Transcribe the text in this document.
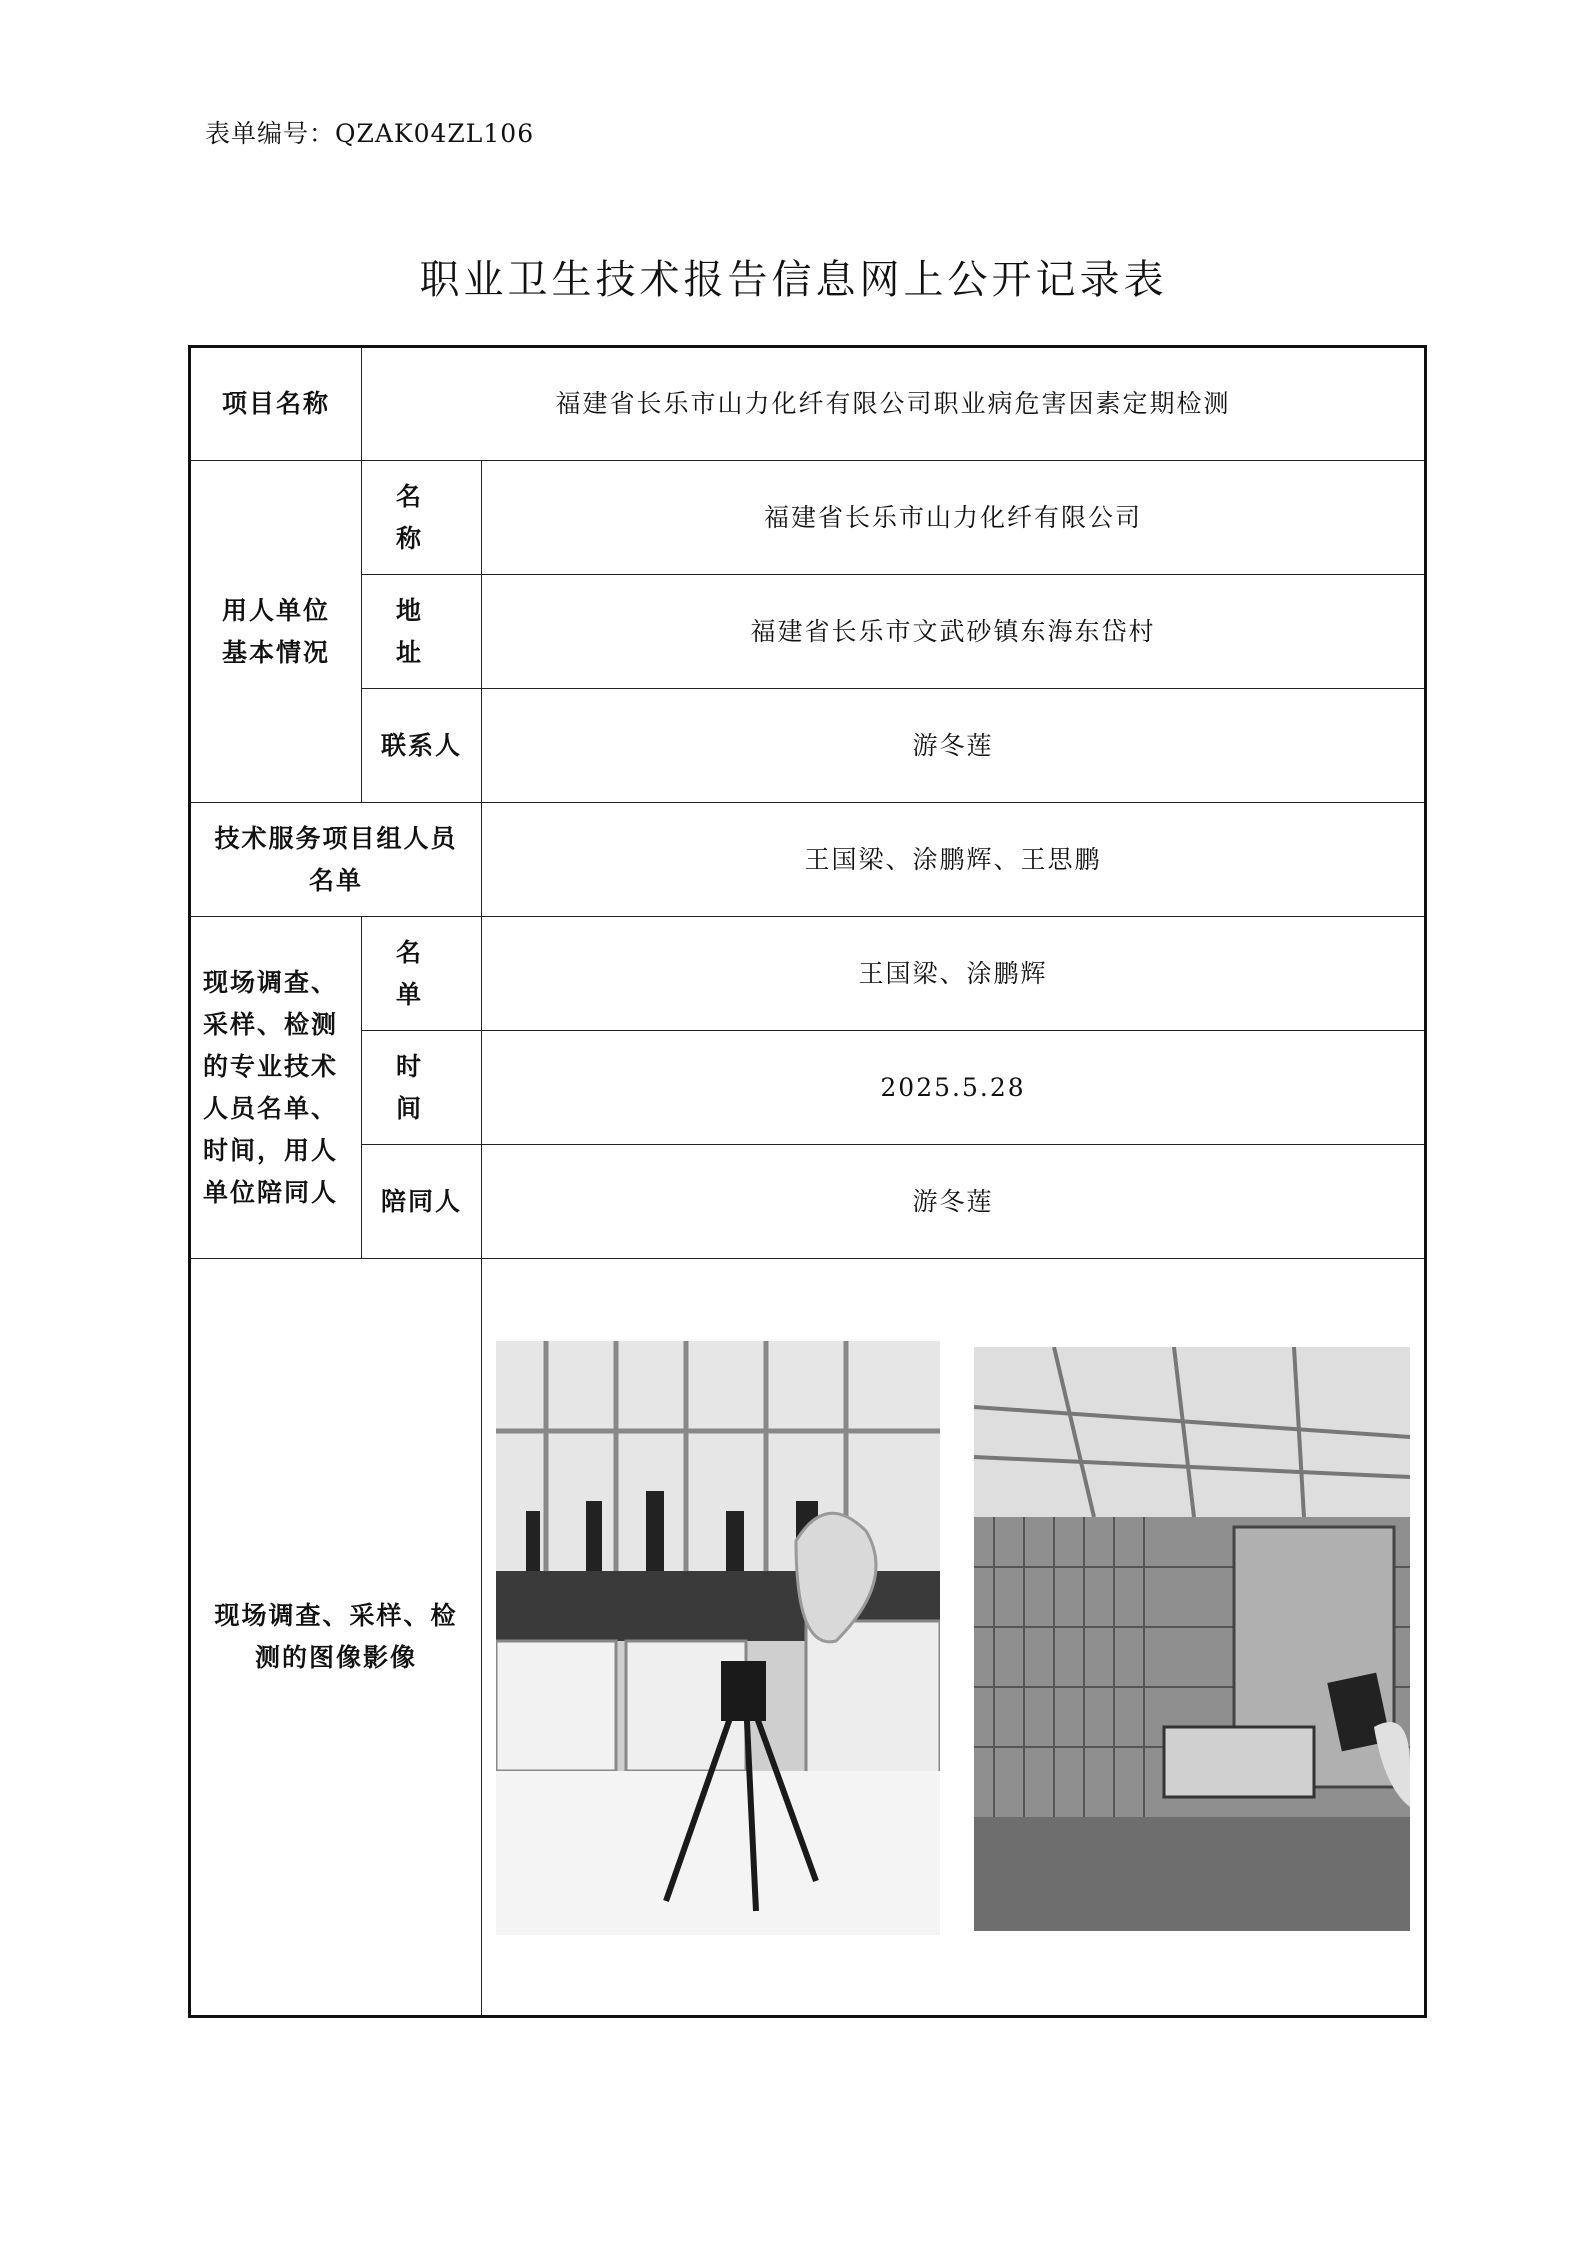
表单编号：QZAK04ZL106
职业卫生技术报告信息网上公开记录表
项目名称	福建省长乐市山力化纤有限公司职业病危害因素定期检测	
用人单位基本情况	名 称	福建省长乐市山力化纤有限公司
	地 址	福建省长乐市文武砂镇东海东岱村
	联系人	游冬莲
技术服务项目组人员名单		王国梁、涂鹏辉、王思鹏
现场调查、采样、检测的专业技术人员名单、时间，用人单位陪同人	名 单	王国梁、涂鹏辉
	时 间	2025.5.28
	陪同人	游冬莲
现场调查、采样、检测的图像影像	
